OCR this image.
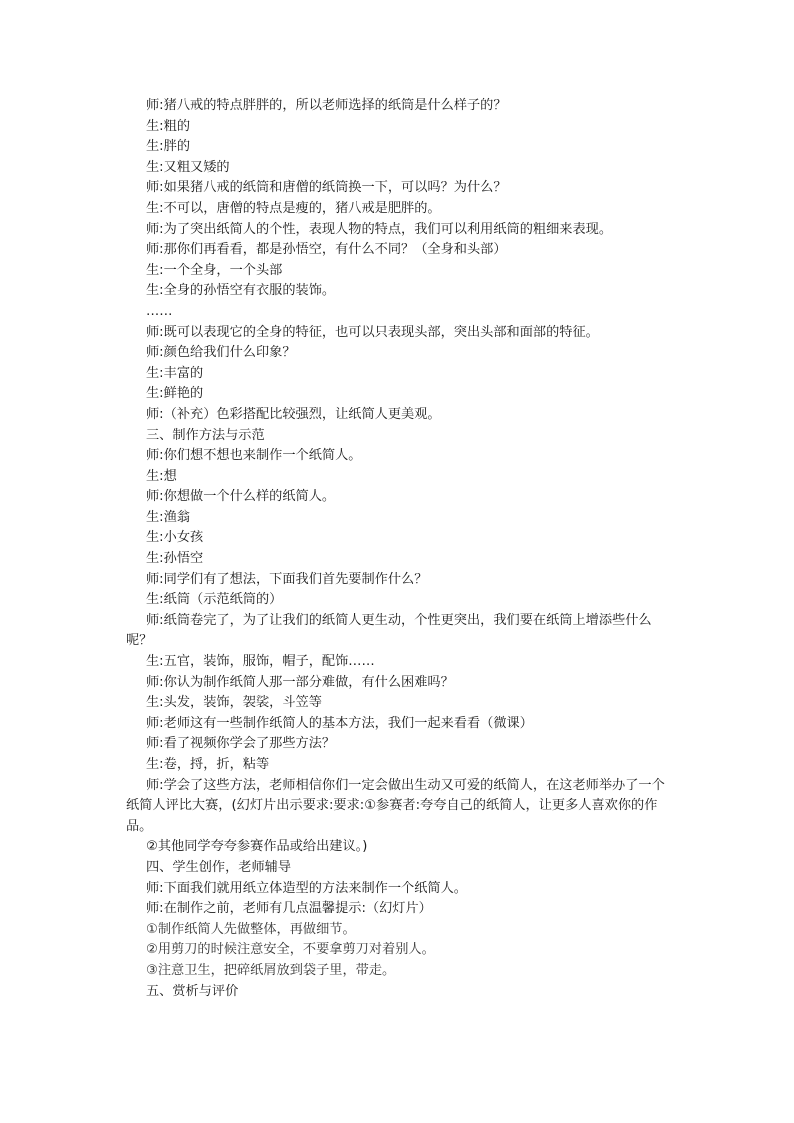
师:猪八戒的特点胖胖的，所以老师选择的纸筒是什么样子的？
生:粗的
生:胖的
生:又粗又矮的
师:如果猪八戒的纸筒和唐僧的纸筒换一下，可以吗？为什么？
生:不可以，唐僧的特点是瘦的，猪八戒是肥胖的。
师:为了突出纸简人的个性，表现人物的特点，我们可以利用纸筒的粗细来表现。
师:那你们再看看，都是孙悟空，有什么不同？（全身和头部）
生:一个全身，一个头部
生:全身的孙悟空有衣服的装饰。
……
师:既可以表现它的全身的特征，也可以只表现头部，突出头部和面部的特征。
师:颜色给我们什么印象？
生:丰富的
生:鲜艳的
师:（补充）色彩搭配比较强烈，让纸简人更美观。
三、制作方法与示范
师:你们想不想也来制作一个纸简人。
生:想
师:你想做一个什么样的纸简人。
生:渔翁
生:小女孩
生:孙悟空
师:同学们有了想法，下面我们首先要制作什么？
生:纸筒（示范纸筒的）
师:纸筒卷完了，为了让我们的纸简人更生动，个性更突出，我们要在纸筒上增添些什么呢？
生:五官，装饰，服饰，帽子，配饰……
师:你认为制作纸简人那一部分难做，有什么困难吗？
生:头发，装饰，袈裟，斗笠等
师:老师这有一些制作纸简人的基本方法，我们一起来看看（微课）
师:看了视频你学会了那些方法？
生:卷，捋，折，粘等
师:学会了这些方法，老师相信你们一定会做出生动又可爱的纸简人，在这老师举办了一个纸简人评比大赛，(幻灯片出示要求:要求:①参赛者:夸夸自己的纸简人，让更多人喜欢你的作品。
②其他同学夸夸参赛作品或给出建议。)
四、学生创作，老师辅导
师:下面我们就用纸立体造型的方法来制作一个纸简人。
师:在制作之前，老师有几点温馨提示:（幻灯片）
①制作纸简人先做整体，再做细节。
②用剪刀的时候注意安全，不要拿剪刀对着别人。
③注意卫生，把碎纸屑放到袋子里，带走。
五、赏析与评价
